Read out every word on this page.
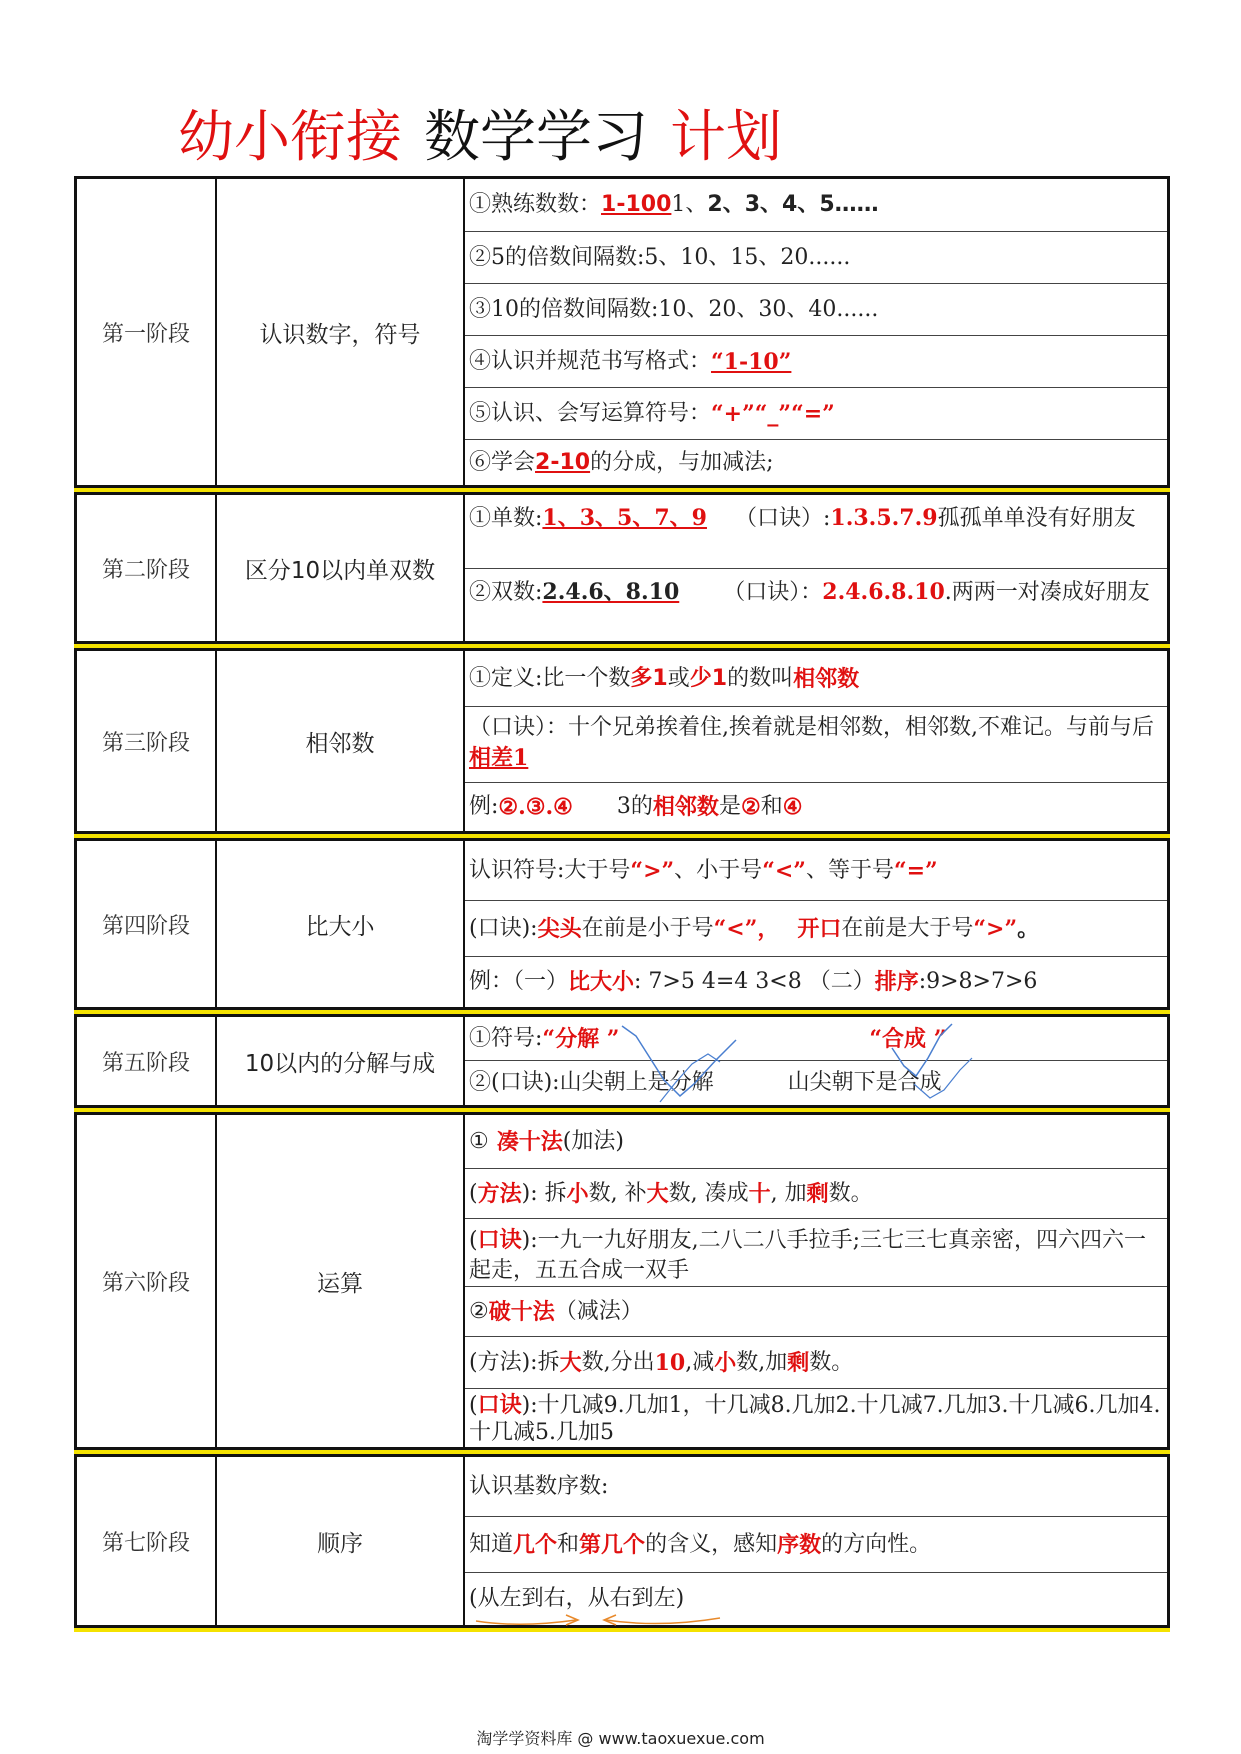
幼小衔接 数学学习 计划
第一阶段	认识数字，符号
①熟练数数： 1-100 1、 2、3、4、5……
②5的倍数间隔数:5、10、15、20......
③10的倍数间隔数:10、20、30、40......
④认识并规范书写格式： “1-10”
⑤认识、会写运算符号： “+”“_”“=”
⑥学会 2-10 的分成，与加减法;
第二阶段	区分10以内单双数
①单数:1、3、5、7、9 （口诀）:1.3.5.7.9孤孤单单没有好朋友
②双数:2.4.6、8.10 （口诀）：2.4.6.8.10.两两一对凑成好朋友
第三阶段	相邻数
①定义:比一个数 多1 或 少1 的数叫 相邻数
（口诀）：十个兄弟挨着住,挨着就是相邻数，相邻数,不难记。与前与后相差1
例: ②.③.④ 3的 相邻数 是 ② 和 ④
第四阶段	比大小
认识符号:大于号 “>” 、小于号 “<” 、等于号 “=”
(口诀): 尖头 在前是小于号 “<”， 开口 在前是大于号 “>” 。
例：（一） 比大小 : 7>5 4=4 3<8 （二） 排序 :9>8>7>6
第五阶段	10以内的分解与成
①符号: “分解 ”	“合成 ”
②(口诀):山尖朝上是分解	山尖朝下是合成
第六阶段	运算
① 凑十法 (加法)
( 方法 ): 拆 小 数, 补 大 数, 凑成 十 , 加 剩 数。
(口诀):一九一九好朋友,二八二八手拉手;三七三七真亲密，四六四六一起走，五五合成一双手
② 破十法 （减法）
(方法):拆 大 数,分出 10 ,减 小 数,加 剩 数。
(口诀):十几减9.几加1，十几减8.几加2.十几减7.几加3.十几减6.几加4.十几减5.几加5
第七阶段	顺序
认识基数序数:
知道 几个 和 第几个 的含义，感知 序数 的方向性。
(从左到右，从右到左)
淘学学资料库 @ www.taoxuexue.com
